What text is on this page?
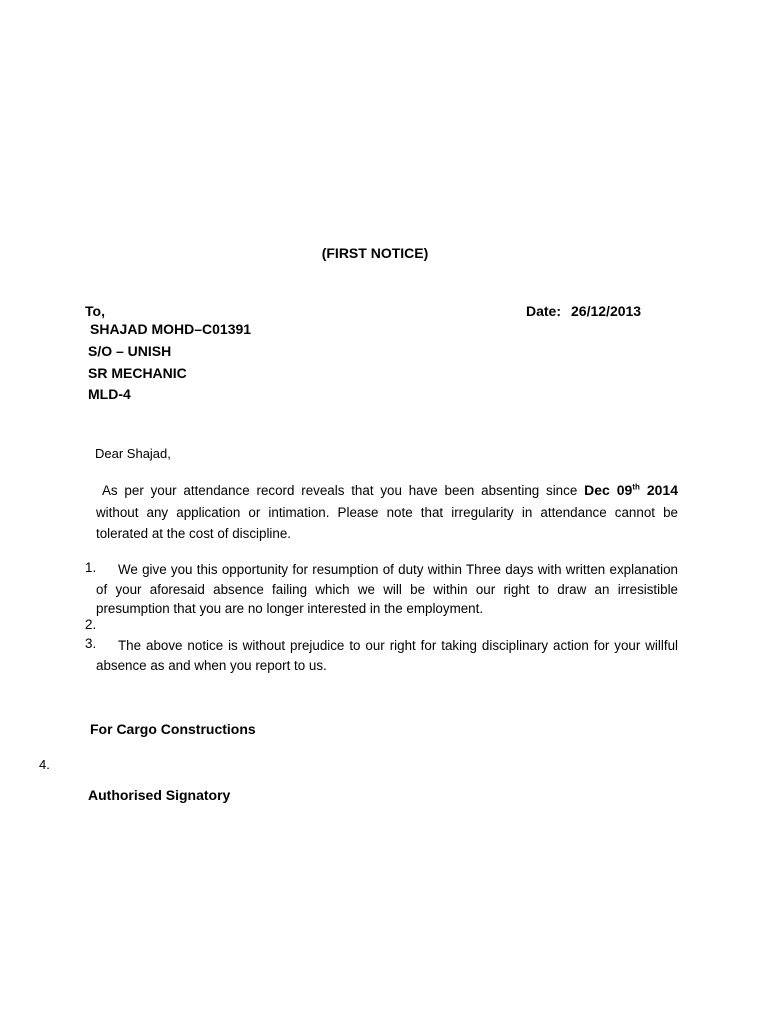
(FIRST NOTICE)
To,	Date: 26/12/2013
SHAJAD MOHD–C01391
S/O – UNISH
SR MECHANIC
MLD-4
Dear Shajad,
As per your attendance record reveals that you have been absenting since Dec 09th 2014 without any application or intimation. Please note that irregularity in attendance cannot be tolerated at the cost of discipline.
1.	We give you this opportunity for resumption of duty within Three days with written explanation of your aforesaid absence failing which we will be within our right to draw an irresistible presumption that you are no longer interested in the employment.
2.
3.	The above notice is without prejudice to our right for taking disciplinary action for your willful absence as and when you report to us.
For Cargo Constructions
4.
Authorised Signatory
